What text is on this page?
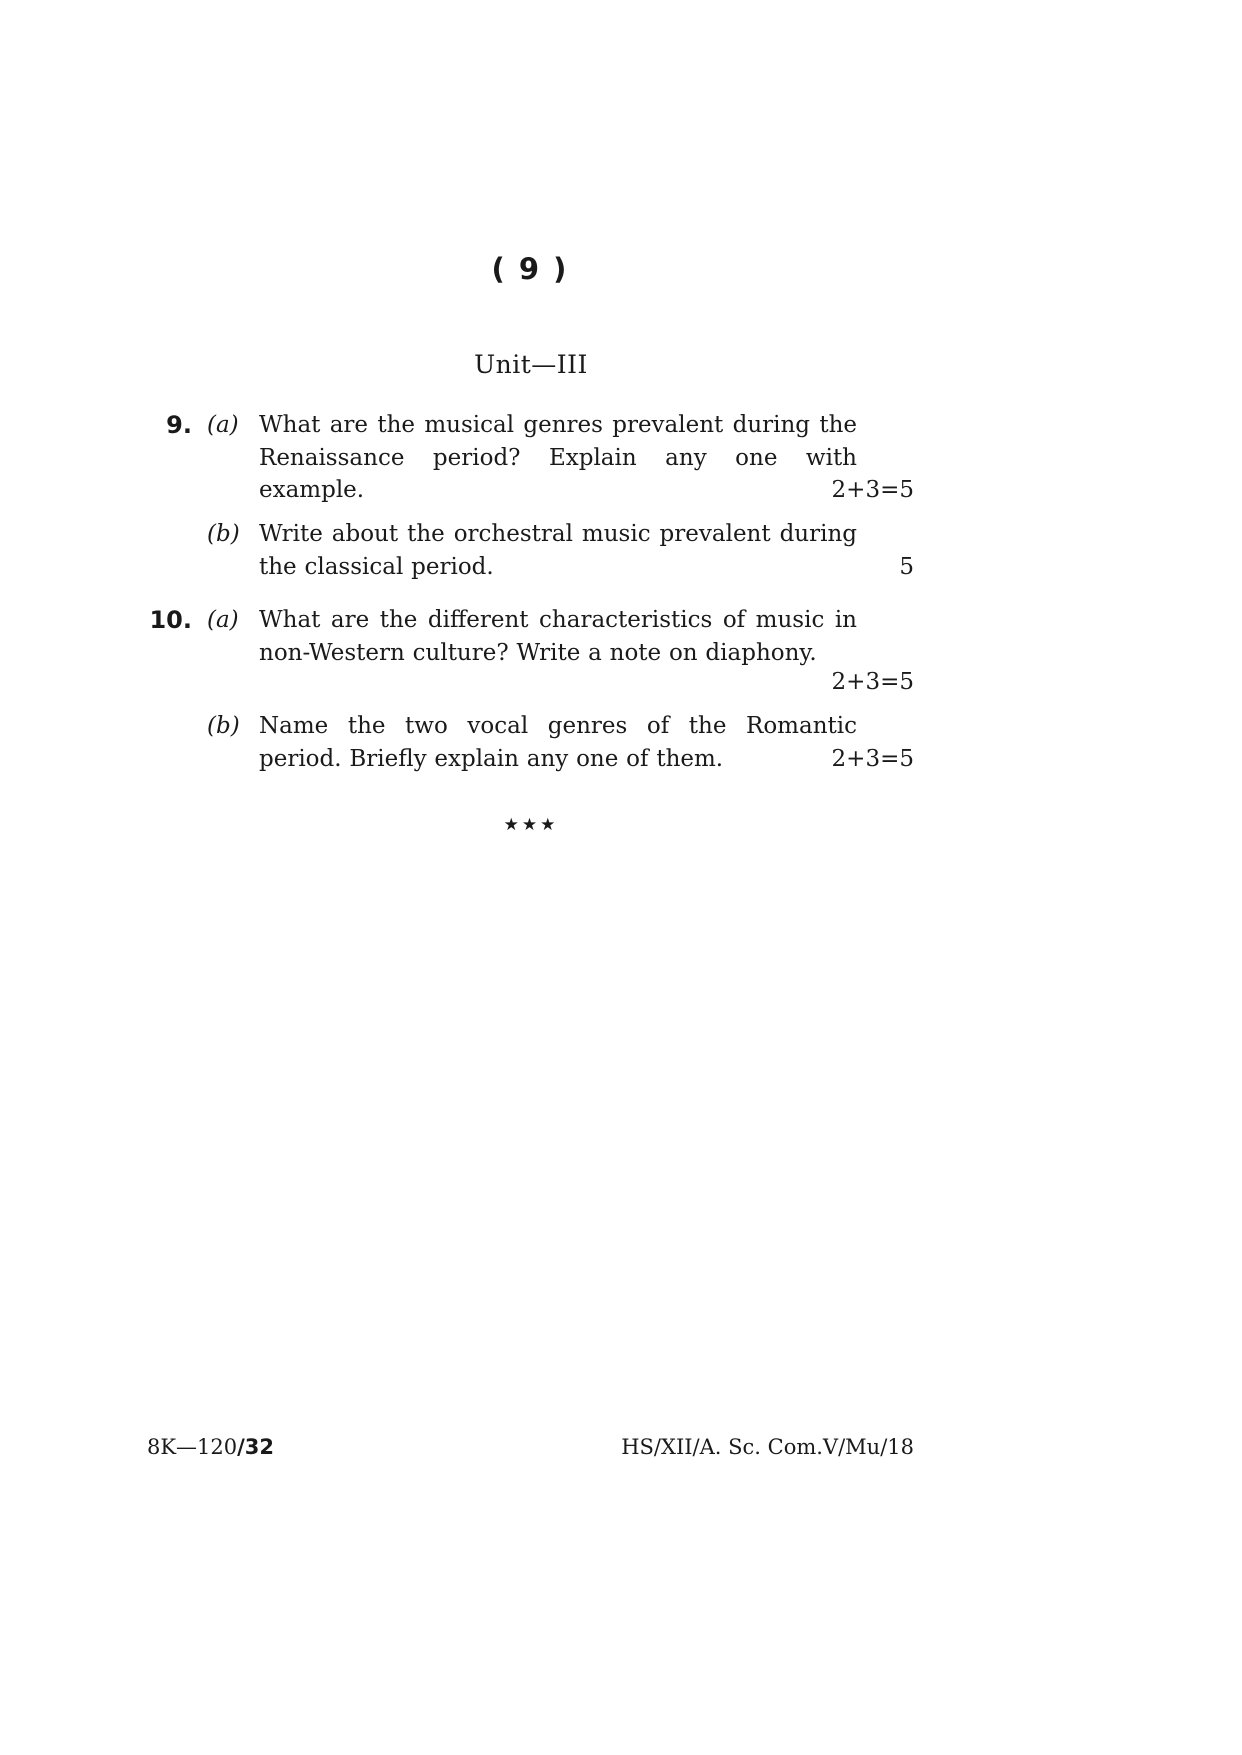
( 9 )
Unit—III
9. (a) What are the musical genres prevalent during the Renaissance period? Explain any one with example.	2+3=5
(b) Write about the orchestral music prevalent during the classical period.	5
10. (a) What are the different characteristics of music in non-Western culture? Write a note on diaphony.
2+3=5
(b) Name the two vocal genres of the Romantic period. Briefly explain any one of them.	2+3=5
★★★
8K—120/32	HS/XII/A. Sc. Com.V/Mu/18
